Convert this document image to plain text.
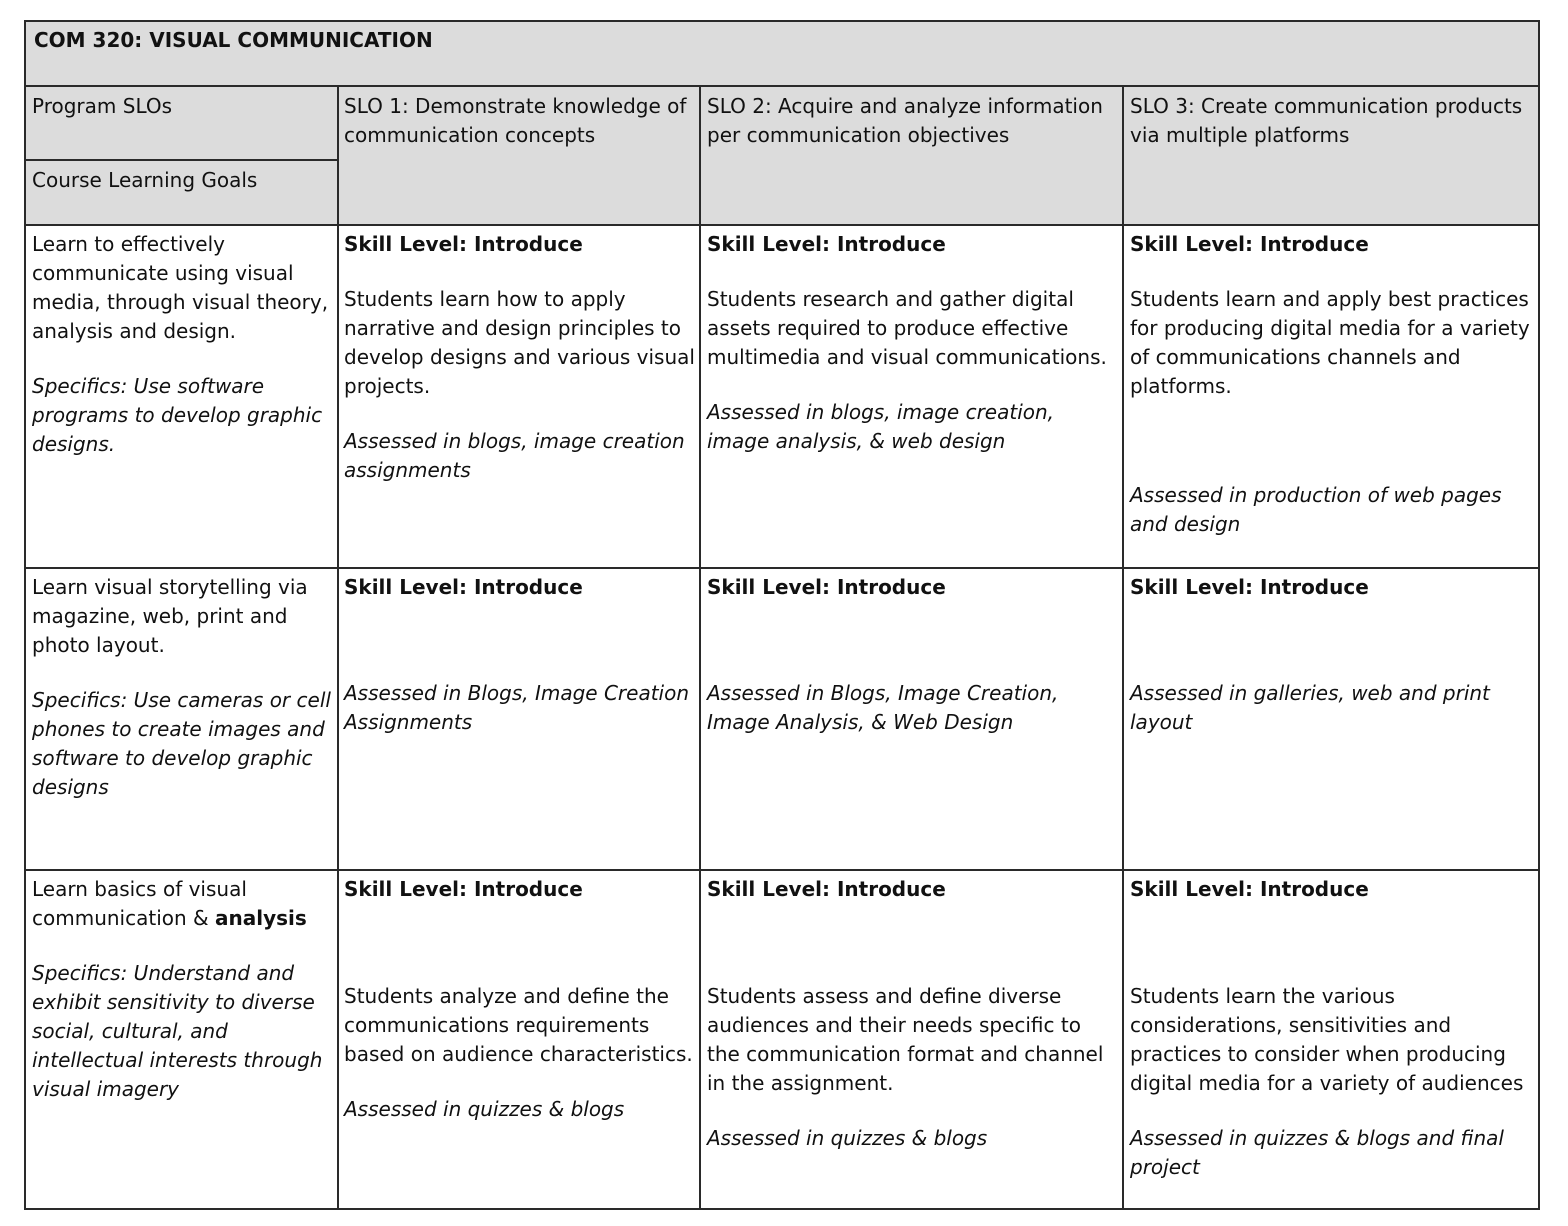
COM 320: VISUAL COMMUNICATION
Program SLOs
Course Learning Goals
SLO 1: Demonstrate knowledge of communication concepts
SLO 2: Acquire and analyze information per communication objectives
SLO 3: Create communication products via multiple platforms

Learn to effectively communicate using visual media, through visual theory, analysis and design.

Specifics: Use software programs to develop graphic designs.

Skill Level: Introduce

Students learn how to apply narrative and design principles to develop designs and various visual projects.

Assessed in blogs, image creation assignments

Skill Level: Introduce

Students research and gather digital assets required to produce effective multimedia and visual communications.

Assessed in blogs, image creation, image analysis, & web design

Skill Level: Introduce

Students learn and apply best practices for producing digital media for a variety of communications channels and platforms.

Assessed in production of web pages and design

Learn visual storytelling via magazine, web, print and photo layout.

Specifics: Use cameras or cell phones to create images and software to develop graphic designs

Skill Level: Introduce

Assessed in Blogs, Image Creation Assignments

Skill Level: Introduce

Assessed in Blogs, Image Creation, Image Analysis, & Web Design

Skill Level: Introduce

Assessed in galleries, web and print layout

Learn basics of visual communication & analysis

Specifics: Understand and exhibit sensitivity to diverse social, cultural, and intellectual interests through visual imagery

Skill Level: Introduce

Students analyze and define the communications requirements based on audience characteristics.

Assessed in quizzes & blogs

Skill Level: Introduce

Students assess and define diverse audiences and their needs specific to the communication format and channel in the assignment.

Assessed in quizzes & blogs

Skill Level: Introduce

Students learn the various considerations, sensitivities and practices to consider when producing digital media for a variety of audiences

Assessed in quizzes & blogs and final project
